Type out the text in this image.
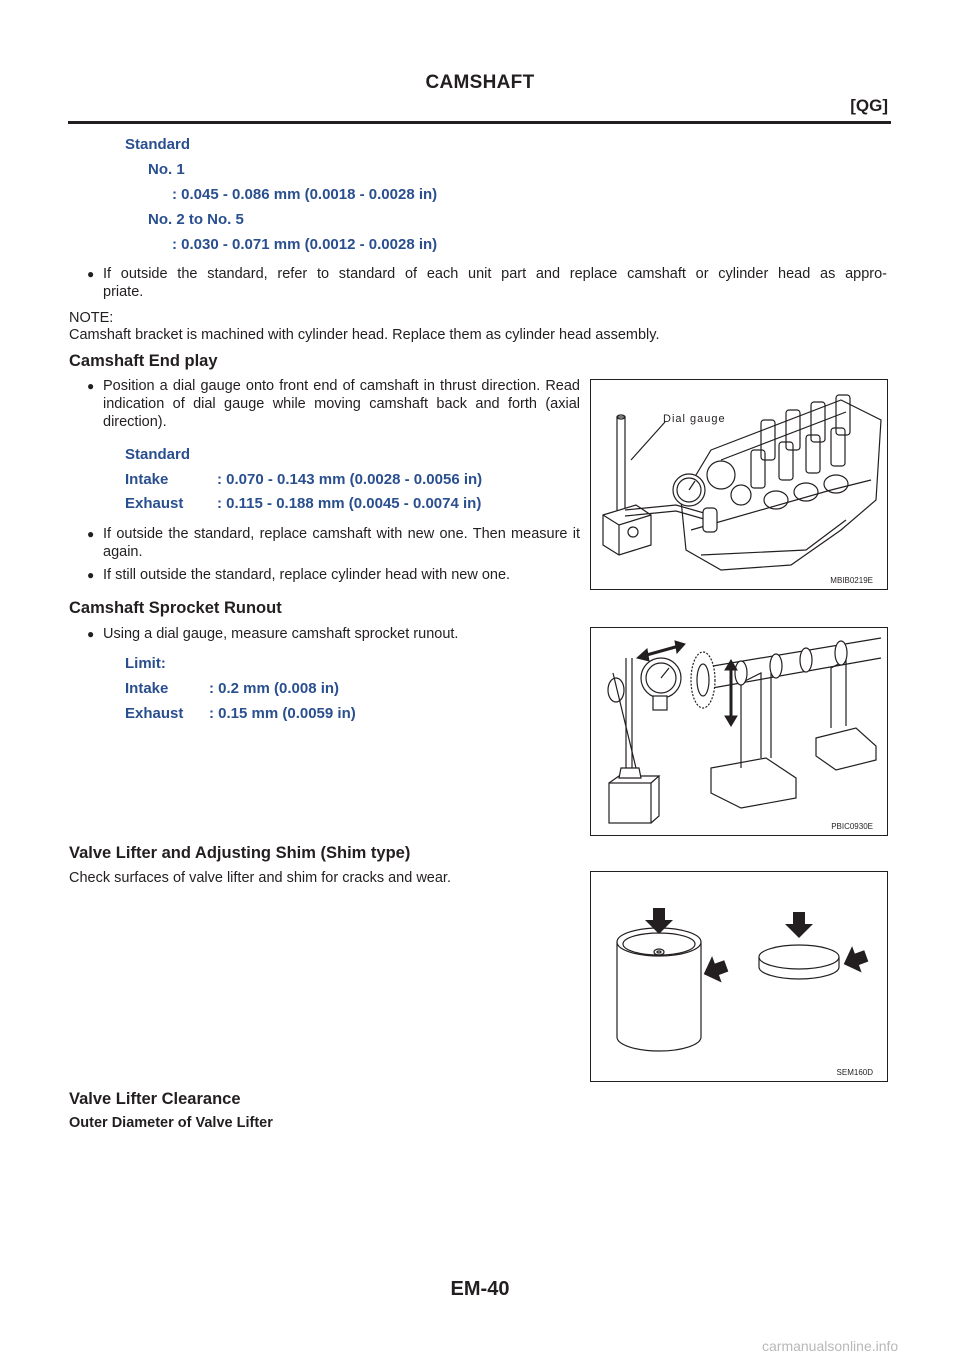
CAMSHAFT
[QG]
Standard
No. 1
: 0.045 - 0.086 mm (0.0018 - 0.0028 in)
No. 2 to No. 5
: 0.030 - 0.071 mm (0.0012 - 0.0028 in)
● If outside the standard, refer to standard of each unit part and replace camshaft or cylinder head as appro-
priate.
NOTE:
Camshaft bracket is machined with cylinder head. Replace them as cylinder head assembly.
Camshaft End play
● Position a dial gauge onto front end of camshaft in thrust direction. Read indication of dial gauge while moving camshaft back and forth (axial direction).
Standard
Intake	: 0.070 - 0.143 mm (0.0028 - 0.0056 in)
Exhaust : 0.115 - 0.188 mm (0.0045 - 0.0074 in)
● If outside the standard, replace camshaft with new one. Then measure it again.
● If still outside the standard, replace cylinder head with new one.
Dial gauge
MBIB0219E
Camshaft Sprocket Runout
● Using a dial gauge, measure camshaft sprocket runout.
Limit:
Intake	: 0.2 mm (0.008 in)
Exhaust : 0.15 mm (0.0059 in)
PBIC0930E
Valve Lifter and Adjusting Shim (Shim type)
Check surfaces of valve lifter and shim for cracks and wear.
SEM160D
Valve Lifter Clearance
Outer Diameter of Valve Lifter
EM-40
carmanualsonline.info
